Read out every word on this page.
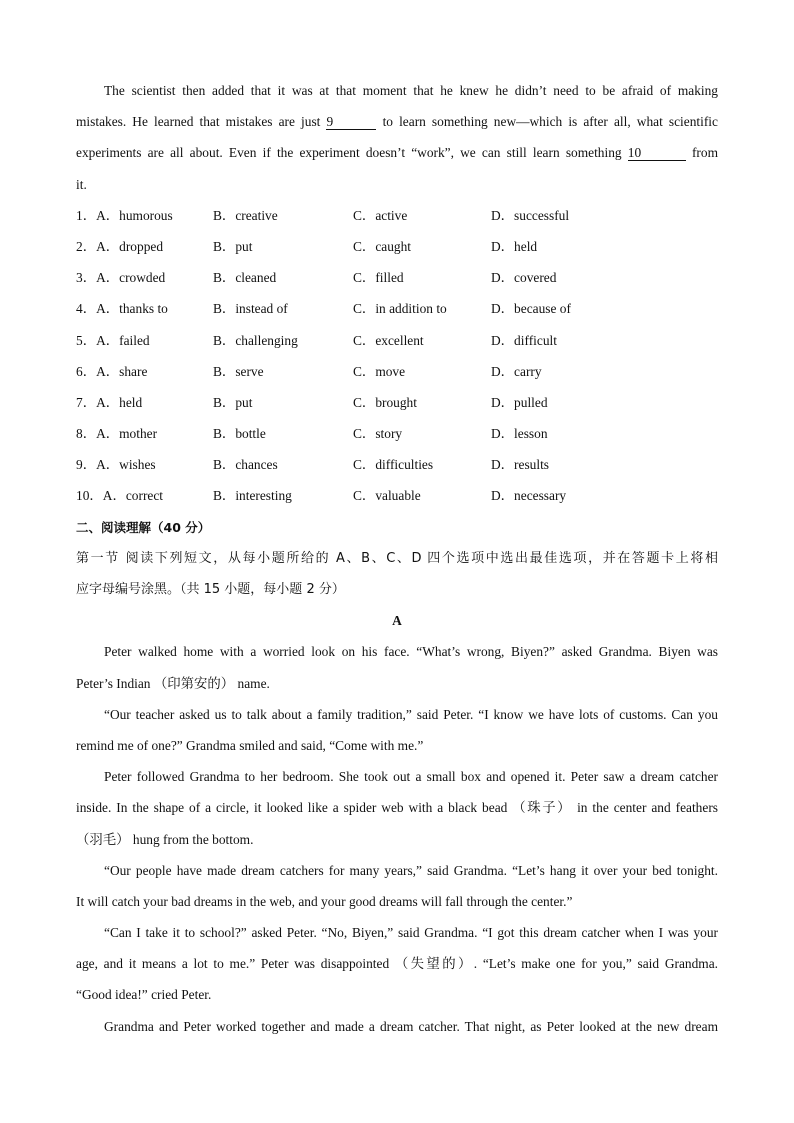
The scientist then added that it was at that moment that he knew he didn’t need to be afraid of making
mistakes. He learned that mistakes are just 9	to learn something new—which is after all, what scientific
experiments are all about. Even if the experiment doesn’t “work”, we can still learn something 10	from
it.
1．A．humorous	B．creative	C．active	D．successful
2．A．dropped	B．put	C．caught	D．held
3．A．crowded	B．cleaned	C．filled	D．covered
4．A．thanks to	B．instead of	C．in addition to	D．because of
5．A．failed	B．challenging	C．excellent	D．difficult
6．A．share	B．serve	C．move	D．carry
7．A．held	B．put	C．brought	D．pulled
8．A．mother	B．bottle	C．story	D．lesson
9．A．wishes	B．chances	C．difficulties	D．results
10．A．correct	B．interesting	C．valuable	D．necessary
二、阅读理解（40 分）
第一节 阅读下列短文，从每小题所给的 A、B、C、D 四个选项中选出最佳选项，并在答题卡上将相
应字母编号涂黑。（共 15 小题，每小题 2 分）
A
Peter walked home with a worried look on his face. “What’s wrong, Biyen?” asked Grandma. Biyen was
Peter’s Indian （印第安的） name.
“Our teacher asked us to talk about a family tradition,” said Peter. “I know we have lots of customs. Can you
remind me of one?” Grandma smiled and said, “Come with me.”
Peter followed Grandma to her bedroom. She took out a small box and opened it. Peter saw a dream catcher
inside. In the shape of a circle, it looked like a spider web with a black bead （珠子） in the center and feathers
（羽毛） hung from the bottom.
“Our people have made dream catchers for many years,” said Grandma. “Let’s hang it over your bed tonight.
It will catch your bad dreams in the web, and your good dreams will fall through the center.”
“Can I take it to school?” asked Peter. “No, Biyen,” said Grandma. “I got this dream catcher when I was your
age, and it means a lot to me.” Peter was disappointed （失望的）. “Let’s make one for you,” said Grandma.
“Good idea!” cried Peter.
Grandma and Peter worked together and made a dream catcher. That night, as Peter looked at the new dream
